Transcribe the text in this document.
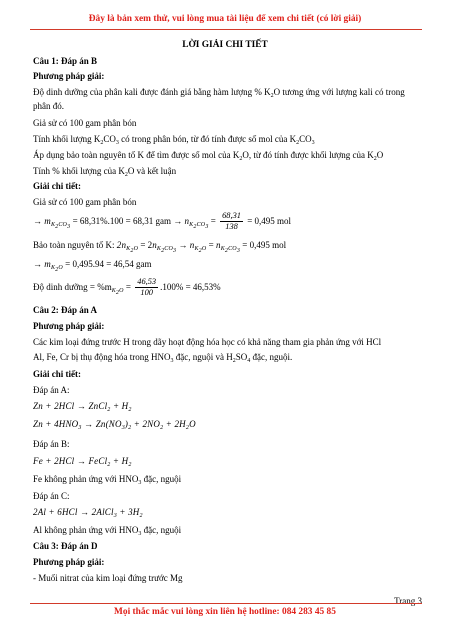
Đây là bản xem thử, vui lòng mua tài liệu để xem chi tiết (có lời giải)
LỜI GIẢI CHI TIẾT
Câu 1: Đáp án B
Phương pháp giải:
Độ dinh dưỡng của phân kali được đánh giá bằng hàm lượng % $K_2O$ tương ứng với lượng kali có trong
phân đó.
Giả sử có 100 gam phân bón
Tính khối lượng $K_2CO_3$ có trong phân bón, từ đó tính được số mol của $K_2CO_3$
Áp dụng bảo toàn nguyên tố K để tìm được số mol của $K_2O$, từ đó tính được khối lượng của $K_2O$
Tính % khối lượng của $K_2O$ và kết luận
Giải chi tiết:
Giả sử có 100 gam phân bón
→ $m_{K_2CO_3} = 68,31\%.100 = 68,31$ gam → $n_{K_2CO_3} = \frac{68,31}{138} = 0,495$ mol
Bảo toàn nguyên tố K: $2n_{K_2O} = 2n_{K_2CO_3} \to n_{K_2O} = n_{K_2CO_3} = 0,495$ mol
→ $m_{K_2O} = 0,495.94 = 46,54$ gam
Độ dinh dưỡng = $\%m_{K_2O} = \frac{46,53}{100} .100\% = 46,53\%$
Câu 2: Đáp án A
Phương pháp giải:
Các kim loại đứng trước H trong dãy hoạt động hóa học có khả năng tham gia phản ứng với HCl
Al, Fe, Cr bị thụ động hóa trong $HNO_3$ đặc, nguội và $H_2SO_4$ đặc, nguội.
Giải chi tiết:
Đáp án A:
Zn + 2HCl → ZnCl$_2$ + $H_2$
$Zn + 4HNO_3 \to Zn(NO_3)_2 + 2NO_2 + 2H_2O$
Đáp án B:
Fe + 2HCl → FeCl$_2$ + $H_2$
Fe không phản ứng với $HNO_3$ đặc, nguội
Đáp án C:
2Al + 6HCl → 2AlCl$_3$ + $3H_2$
Al không phản ứng với $HNO_3$ đặc, nguội
Câu 3: Đáp án D
Phương pháp giải:
- Muối nitrat của kim loại đứng trước Mg
Trang 3
Mọi thắc mắc vui lòng xin liên hệ hotline: 084 283 45 85
